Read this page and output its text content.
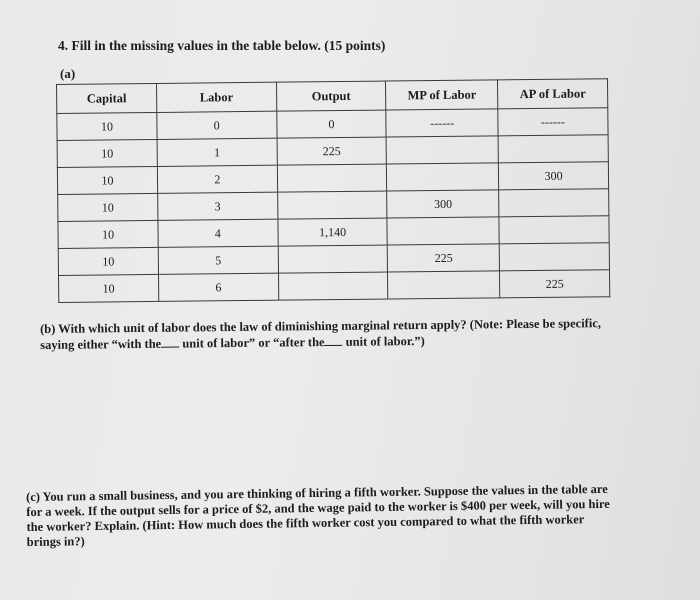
4. Fill in the missing values in the table below. (15 points)
(a)
Capital	Labor	Output	MP of Labor	AP of Labor
10	0	0	------	------
10	1	225		
10	2			300
10	3		300	
10	4	1,140		
10	5		225	
10	6			225
(b) With which unit of labor does the law of diminishing marginal return apply? (Note: Please be specific,
saying either “with the unit of labor” or “after the unit of labor.”)
(c) You run a small business, and you are thinking of hiring a fifth worker. Suppose the values in the table are for a week. If the output sells for a price of $2, and the wage paid to the worker is $400 per week, will you hire the worker? Explain. (Hint: How much does the fifth worker cost you compared to what the fifth worker brings in?)
